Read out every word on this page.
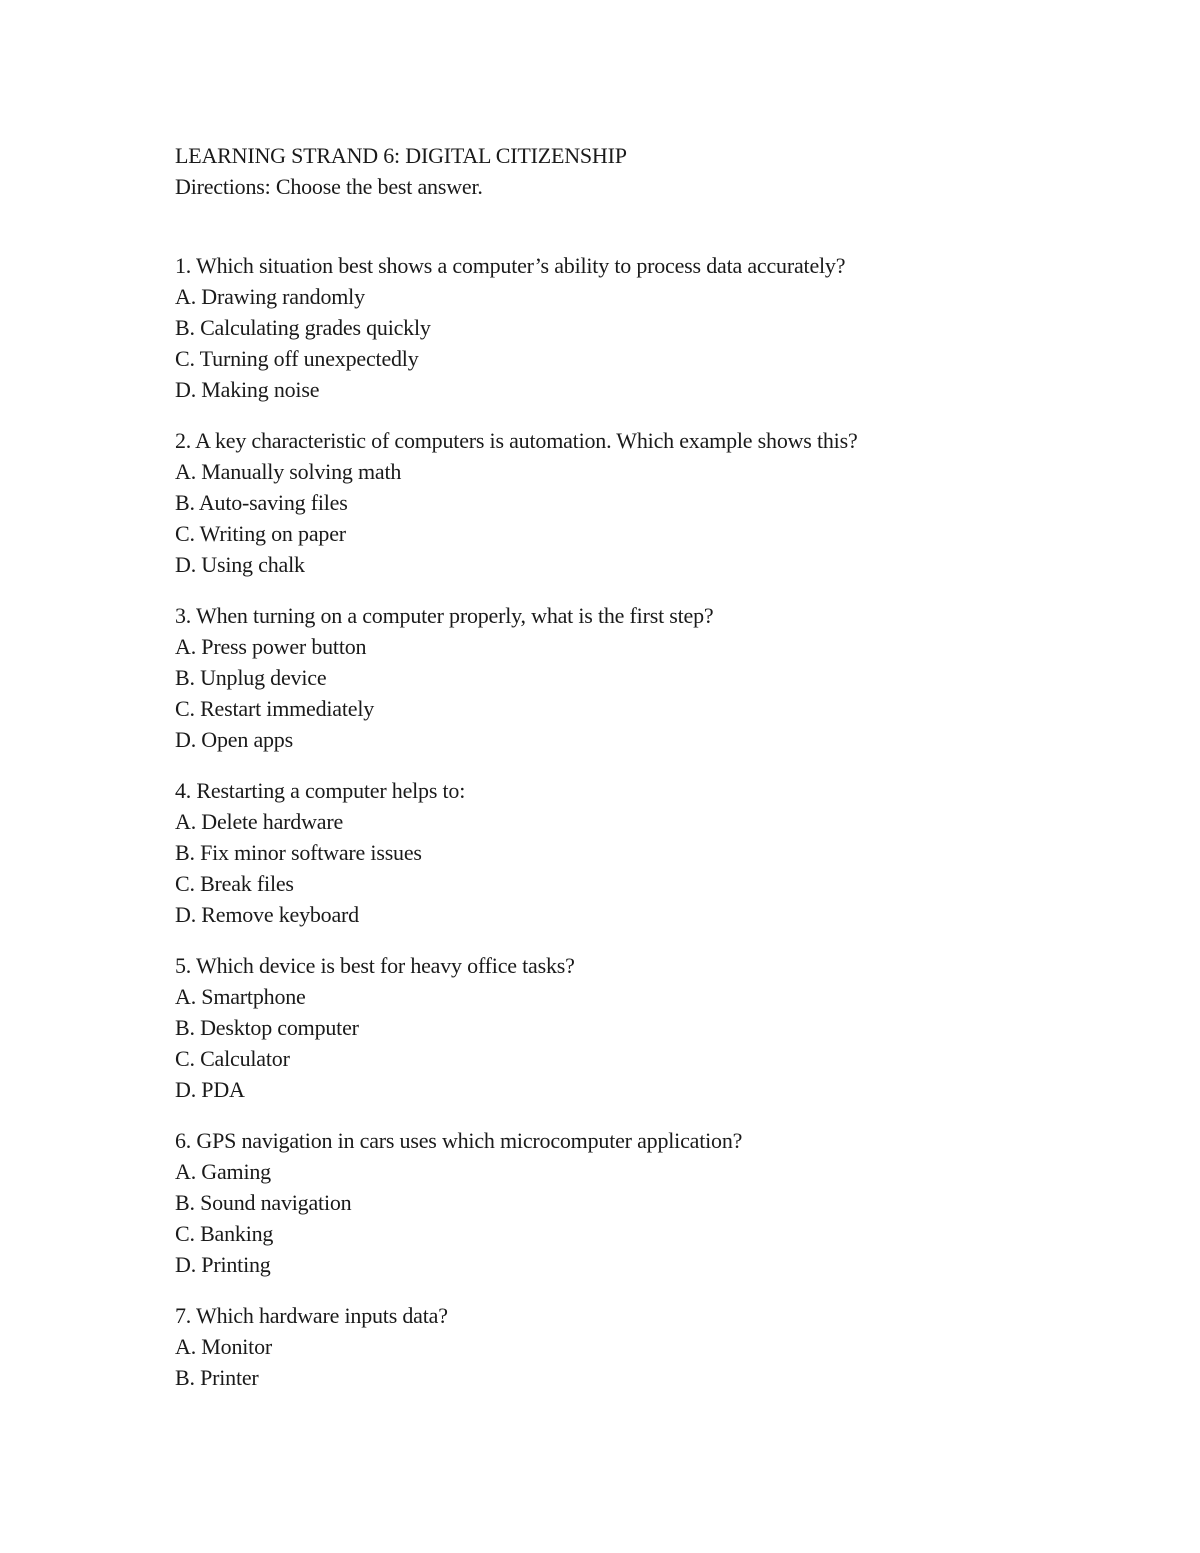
LEARNING STRAND 6: DIGITAL CITIZENSHIP
Directions: Choose the best answer.
1. Which situation best shows a computer’s ability to process data accurately?
A. Drawing randomly
B. Calculating grades quickly
C. Turning off unexpectedly
D. Making noise
2. A key characteristic of computers is automation. Which example shows this?
A. Manually solving math
B. Auto-saving files
C. Writing on paper
D. Using chalk
3. When turning on a computer properly, what is the first step?
A. Press power button
B. Unplug device
C. Restart immediately
D. Open apps
4. Restarting a computer helps to:
A. Delete hardware
B. Fix minor software issues
C. Break files
D. Remove keyboard
5. Which device is best for heavy office tasks?
A. Smartphone
B. Desktop computer
C. Calculator
D. PDA
6. GPS navigation in cars uses which microcomputer application?
A. Gaming
B. Sound navigation
C. Banking
D. Printing
7. Which hardware inputs data?
A. Monitor
B. Printer
